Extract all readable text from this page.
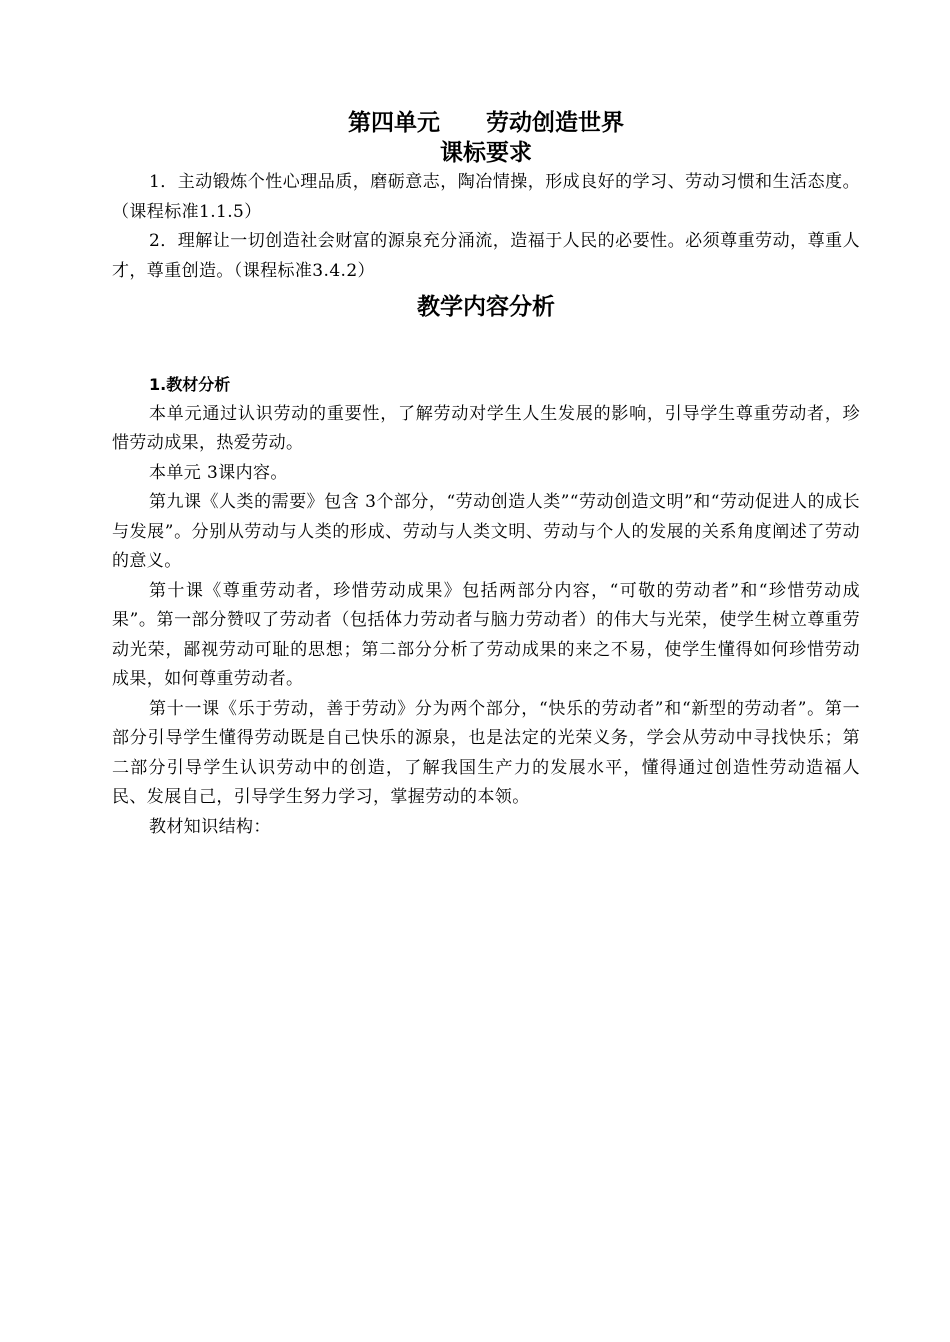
第四单元　　劳动创造世界
课标要求

1．主动锻炼个性心理品质，磨砺意志，陶冶情操，形成良好的学习、劳动习惯和生活态度。（课程标准1.1.5）

2．理解让一切创造社会财富的源泉充分涌流，造福于人民的必要性。必须尊重劳动，尊重人才，尊重创造。（课程标准3.4.2）

教学内容分析

1.教材分析

本单元通过认识劳动的重要性，了解劳动对学生人生发展的影响，引导学生尊重劳动者，珍惜劳动成果，热爱劳动。

本单元 3课内容。

第九课《人类的需要》包含 3个部分，“劳动创造人类”“劳动创造文明”和“劳动促进人的成长与发展”。分别从劳动与人类的形成、劳动与人类文明、劳动与个人的发展的关系角度阐述了劳动的意义。

第十课《尊重劳动者，珍惜劳动成果》包括两部分内容，“可敬的劳动者”和“珍惜劳动成果”。第一部分赞叹了劳动者（包括体力劳动者与脑力劳动者）的伟大与光荣，使学生树立尊重劳动光荣，鄙视劳动可耻的思想；第二部分分析了劳动成果的来之不易，使学生懂得如何珍惜劳动成果，如何尊重劳动者。

第十一课《乐于劳动，善于劳动》分为两个部分，“快乐的劳动者”和“新型的劳动者”。第一部分引导学生懂得劳动既是自己快乐的源泉，也是法定的光荣义务，学会从劳动中寻找快乐；第二部分引导学生认识劳动中的创造，了解我国生产力的发展水平，懂得通过创造性劳动造福人民、发展自己，引导学生努力学习，掌握劳动的本领。

教材知识结构：
